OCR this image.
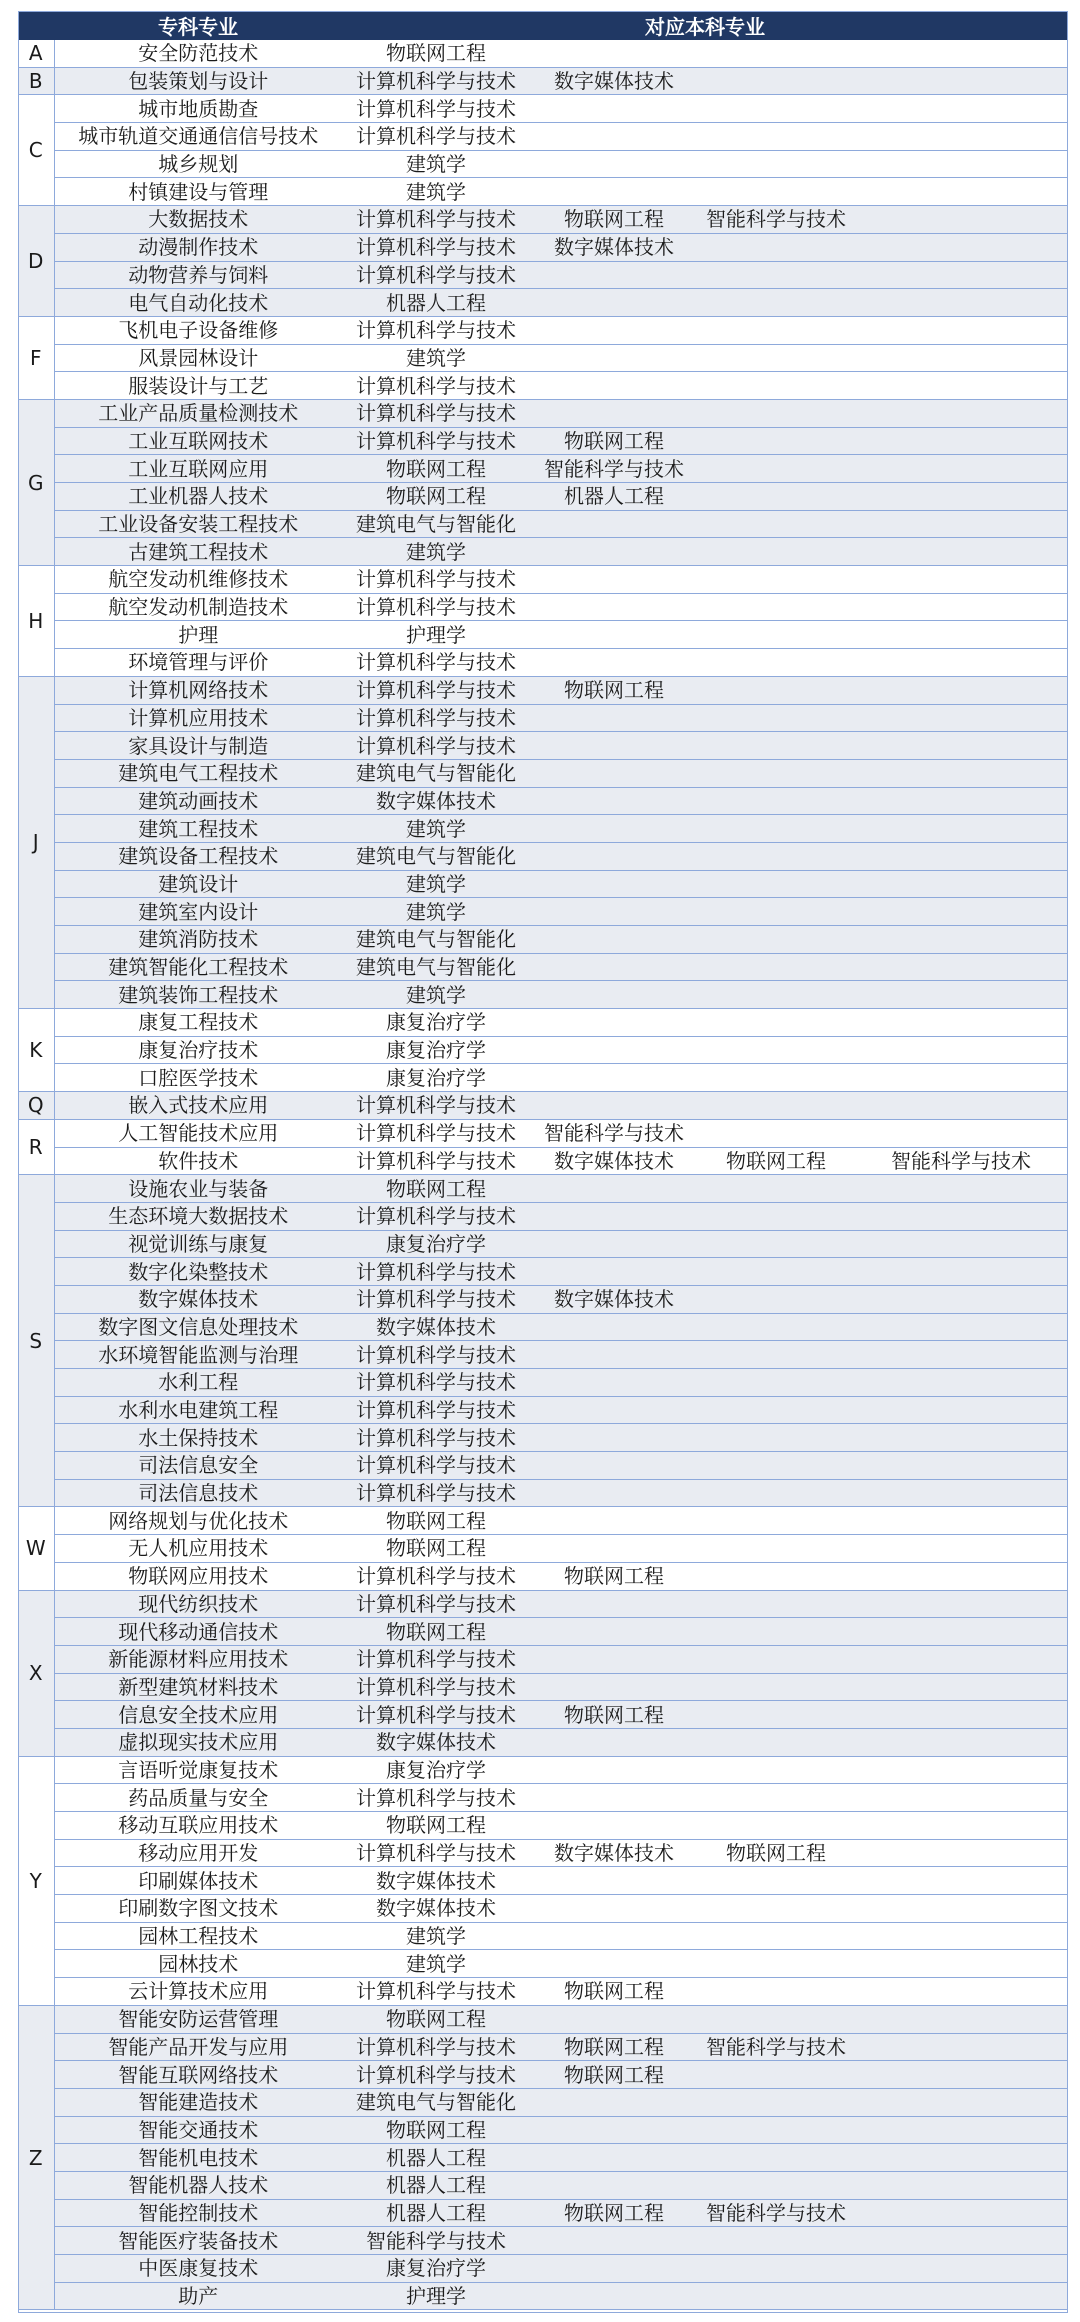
	专科专业	对应本科专业			
A	安全防范技术	物联网工程			
B	包装策划与设计	计算机科学与技术	数字媒体技术		
C	城市地质勘查	计算机科学与技术			
	城市轨道交通通信信号技术	计算机科学与技术			
	城乡规划	建筑学			
	村镇建设与管理	建筑学			
D	大数据技术	计算机科学与技术	物联网工程	智能科学与技术	
	动漫制作技术	计算机科学与技术	数字媒体技术		
	动物营养与饲料	计算机科学与技术			
	电气自动化技术	机器人工程			
F	飞机电子设备维修	计算机科学与技术			
	风景园林设计	建筑学			
	服装设计与工艺	计算机科学与技术			
G	工业产品质量检测技术	计算机科学与技术			
	工业互联网技术	计算机科学与技术	物联网工程		
	工业互联网应用	物联网工程	智能科学与技术		
	工业机器人技术	物联网工程	机器人工程		
	工业设备安装工程技术	建筑电气与智能化			
	古建筑工程技术	建筑学			
H	航空发动机维修技术	计算机科学与技术			
	航空发动机制造技术	计算机科学与技术			
	护理	护理学			
	环境管理与评价	计算机科学与技术			
J	计算机网络技术	计算机科学与技术	物联网工程		
	计算机应用技术	计算机科学与技术			
	家具设计与制造	计算机科学与技术			
	建筑电气工程技术	建筑电气与智能化			
	建筑动画技术	数字媒体技术			
	建筑工程技术	建筑学			
	建筑设备工程技术	建筑电气与智能化			
	建筑设计	建筑学			
	建筑室内设计	建筑学			
	建筑消防技术	建筑电气与智能化			
	建筑智能化工程技术	建筑电气与智能化			
	建筑装饰工程技术	建筑学			
K	康复工程技术	康复治疗学			
	康复治疗技术	康复治疗学			
	口腔医学技术	康复治疗学			
Q	嵌入式技术应用	计算机科学与技术			
R	人工智能技术应用	计算机科学与技术	智能科学与技术		
	软件技术	计算机科学与技术	数字媒体技术	物联网工程	智能科学与技术
S	设施农业与装备	物联网工程			
	生态环境大数据技术	计算机科学与技术			
	视觉训练与康复	康复治疗学			
	数字化染整技术	计算机科学与技术			
	数字媒体技术	计算机科学与技术	数字媒体技术		
	数字图文信息处理技术	数字媒体技术			
	水环境智能监测与治理	计算机科学与技术			
	水利工程	计算机科学与技术			
	水利水电建筑工程	计算机科学与技术			
	水土保持技术	计算机科学与技术			
	司法信息安全	计算机科学与技术			
	司法信息技术	计算机科学与技术			
W	网络规划与优化技术	物联网工程			
	无人机应用技术	物联网工程			
	物联网应用技术	计算机科学与技术	物联网工程		
X	现代纺织技术	计算机科学与技术			
	现代移动通信技术	物联网工程			
	新能源材料应用技术	计算机科学与技术			
	新型建筑材料技术	计算机科学与技术			
	信息安全技术应用	计算机科学与技术	物联网工程		
	虚拟现实技术应用	数字媒体技术			
Y	言语听觉康复技术	康复治疗学			
	药品质量与安全	计算机科学与技术			
	移动互联应用技术	物联网工程			
	移动应用开发	计算机科学与技术	数字媒体技术	物联网工程	
	印刷媒体技术	数字媒体技术			
	印刷数字图文技术	数字媒体技术			
	园林工程技术	建筑学			
	园林技术	建筑学			
	云计算技术应用	计算机科学与技术	物联网工程		
Z	智能安防运营管理	物联网工程			
	智能产品开发与应用	计算机科学与技术	物联网工程	智能科学与技术	
	智能互联网络技术	计算机科学与技术	物联网工程		
	智能建造技术	建筑电气与智能化			
	智能交通技术	物联网工程			
	智能机电技术	机器人工程			
	智能机器人技术	机器人工程			
	智能控制技术	机器人工程	物联网工程	智能科学与技术	
	智能医疗装备技术	智能科学与技术			
	中医康复技术	康复治疗学			
	助产	护理学			
